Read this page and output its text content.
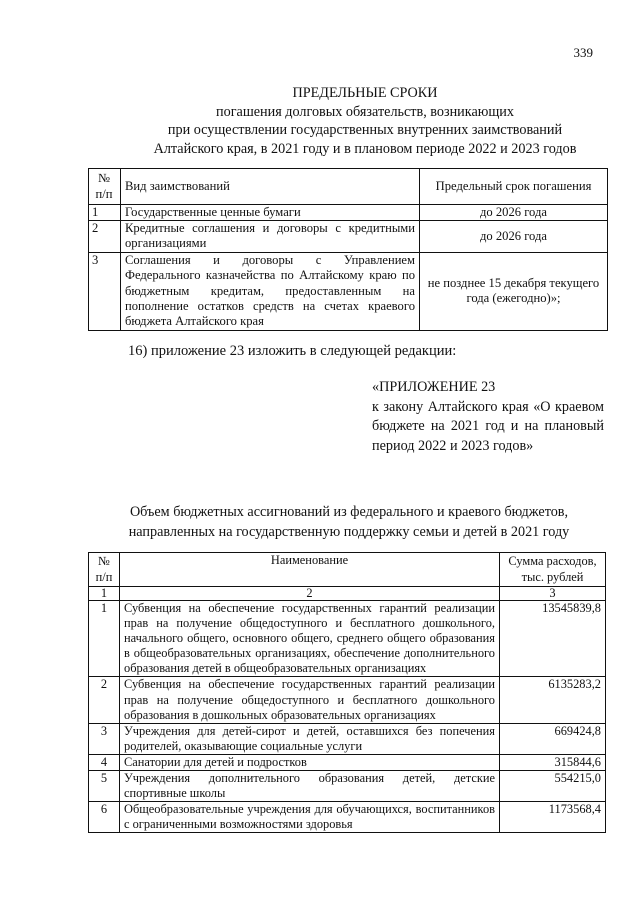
339
ПРЕДЕЛЬНЫЕ СРОКИ
погашения долговых обязательств, возникающих
при осуществлении государственных внутренних заимствований
Алтайского края, в 2021 году и в плановом периоде 2022 и 2023 годов
№ п/п	Вид заимствований	Предельный срок погашения
1	Государственные ценные бумаги	до 2026 года
2	Кредитные соглашения и договоры с кредитными организациями	до 2026 года
3	Соглашения и договоры с Управлением Федерального казначейства по Алтайскому краю по бюджетным кредитам, предоставленным на пополнение остатков средств на счетах краевого бюджета Алтайского края	не позднее 15 декабря текущего года (ежегодно)»;
16) приложение 23 изложить в следующей редакции:
«ПРИЛОЖЕНИЕ 23
к закону Алтайского края «О краевом бюджете на 2021 год и на плановый период 2022 и 2023 годов»
Объем бюджетных ассигнований из федерального и краевого бюджетов,
направленных на государственную поддержку семьи и детей в 2021 году
№ п/п	Наименование	Сумма расходов, тыс. рублей
1	2	3
1	Субвенция на обеспечение государственных гарантий реализации прав на получение общедоступного и бесплатного дошкольного, начального общего, основного общего, среднего общего образования в общеобразовательных организациях, обеспечение дополнительного образования детей в общеобразовательных организациях	13545839,8
2	Субвенция на обеспечение государственных гарантий реализации прав на получение общедоступного и бесплатного дошкольного образования в дошкольных образовательных организациях	6135283,2
3	Учреждения для детей-сирот и детей, оставшихся без попечения родителей, оказывающие социальные услуги	669424,8
4	Санатории для детей и подростков	315844,6
5	Учреждения дополнительного образования детей, детские спортивные школы	554215,0
6	Общеобразовательные учреждения для обучающихся, воспитанников с ограниченными возможностями здоровья	1173568,4
